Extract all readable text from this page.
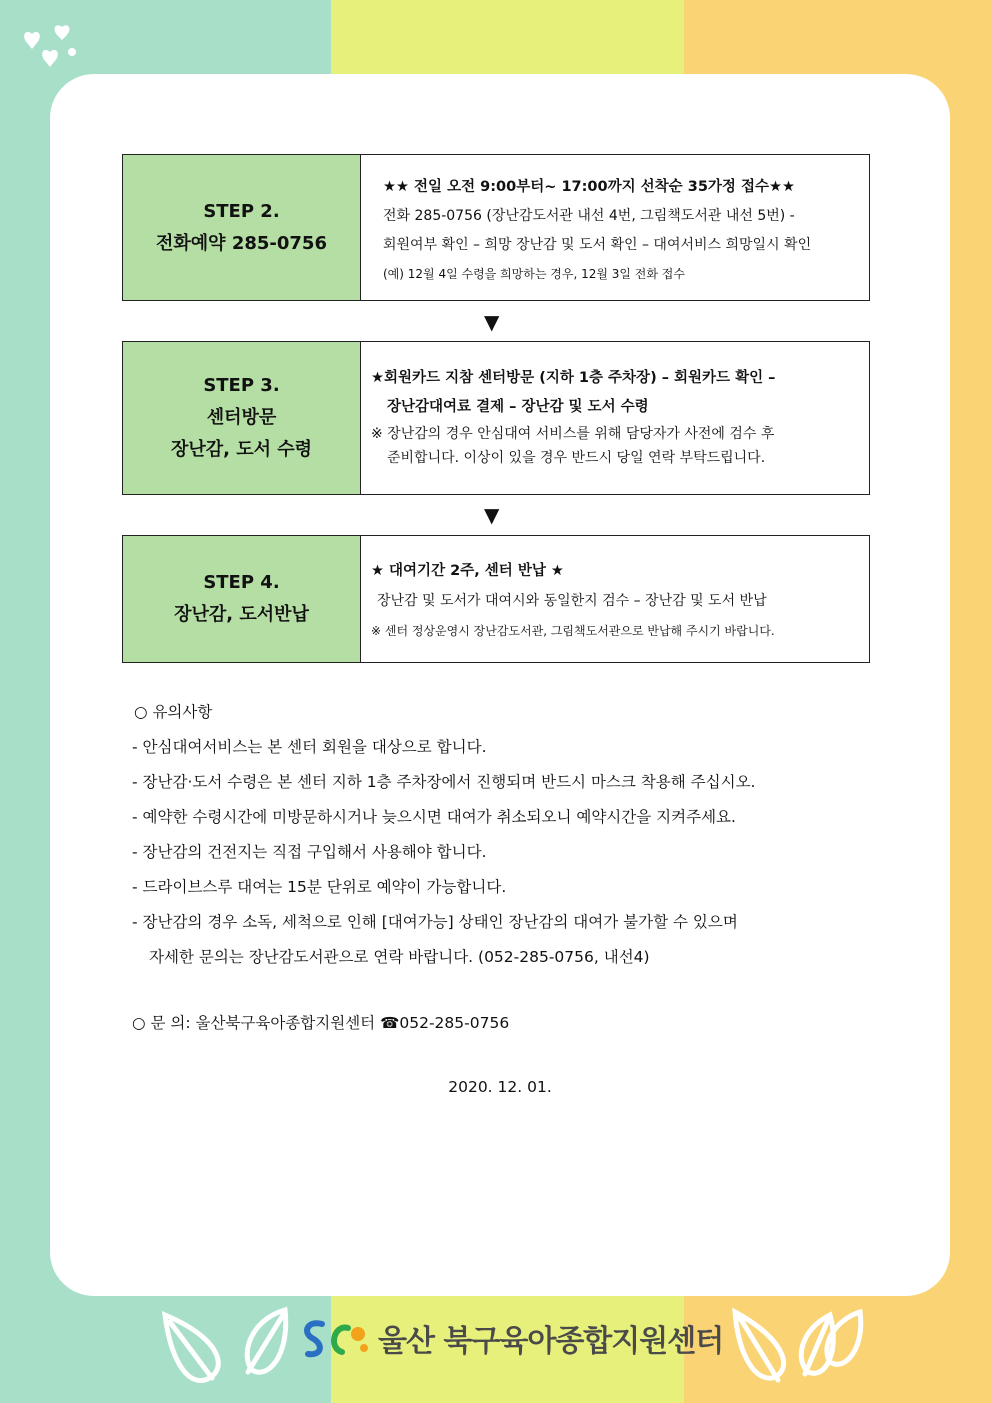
STEP 2.
전화예약 285-0756
★★ 전일 오전 9:00부터~ 17:00까지 선착순 35가정 접수★★
전화 285-0756 (장난감도서관 내선 4번, 그림책도서관 내선 5번) -
회원여부 확인 – 희망 장난감 및 도서 확인 – 대여서비스 희망일시 확인
(예) 12월 4일 수령을 희망하는 경우, 12월 3일 전화 접수
▼
STEP 3.
센터방문
장난감, 도서 수령
★회원카드 지참 센터방문 (지하 1층 주차장) – 회원카드 확인 –
장난감대여료 결제 – 장난감 및 도서 수령
※ 장난감의 경우 안심대여 서비스를 위해 담당자가 사전에 검수 후
준비합니다. 이상이 있을 경우 반드시 당일 연락 부탁드립니다.
▼
STEP 4.
장난감, 도서반납
★ 대여기간 2주, 센터 반납 ★
장난감 및 도서가 대여시와 동일한지 검수 – 장난감 및 도서 반납
※ 센터 정상운영시 장난감도서관, 그림책도서관으로 반납해 주시기 바랍니다.
○ 유의사항
- 안심대여서비스는 본 센터 회원을 대상으로 합니다.
- 장난감·도서 수령은 본 센터 지하 1층 주차장에서 진행되며 반드시 마스크 착용해 주십시오.
- 예약한 수령시간에 미방문하시거나 늦으시면 대여가 취소되오니 예약시간을 지켜주세요.
- 장난감의 건전지는 직접 구입해서 사용해야 합니다.
- 드라이브스루 대여는 15분 단위로 예약이 가능합니다.
- 장난감의 경우 소독, 세척으로 인해 [대여가능] 상태인 장난감의 대여가 불가할 수 있으며
자세한 문의는 장난감도서관으로 연락 바랍니다. (052-285-0756, 내선4)
○ 문 의: 울산북구육아종합지원센터 ☎052-285-0756
2020. 12. 01.
울산 북구육아종합지원센터
